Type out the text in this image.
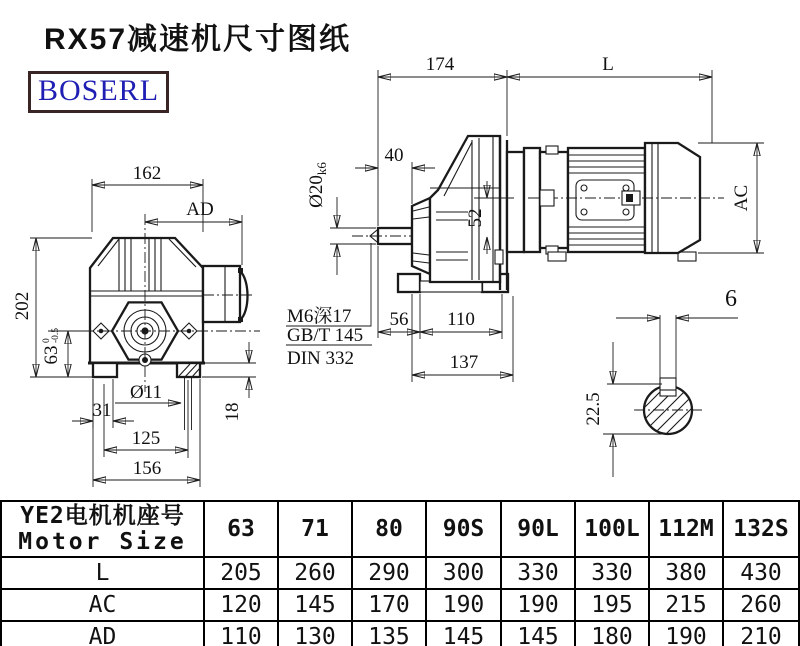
RX57减速机尺寸图纸
BOSERL
162
AD
202
63
0 -0.5
Ø11
31
125
156
18
174	L
40
$Ø20_{k6}$
52
AC
56 110
137
M6深17
GB/T 145
DIN 332
6
22.5
YE2电机机座号
Motor Size	63	71	80	90S	90L	100L	112M	132S
L	205	260	290	300	330	330	380	430
AC	120	145	170	190	190	195	215	260
AD	110	130	135	145	145	180	190	210
